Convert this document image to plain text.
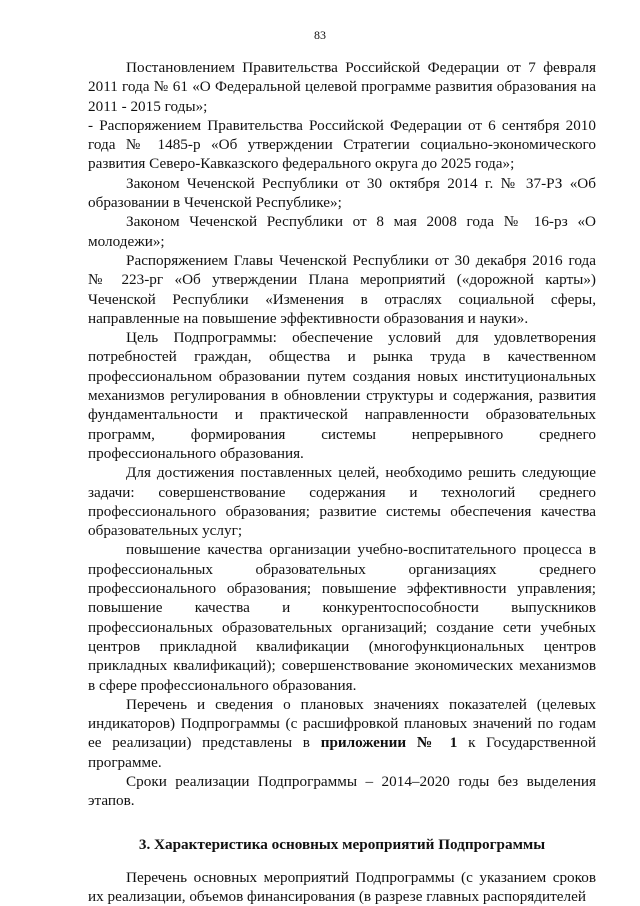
83

Постановлением Правительства Российской Федерации от 7 февраля 2011 года № 61 «О Федеральной целевой программе развития образования на 2011 - 2015 годы»;

- Распоряжением Правительства Российской Федерации от 6 сентября 2010 года № 1485-р «Об утверждении Стратегии социально-экономического развития Северо-Кавказского федерального округа до 2025 года»;

Законом Чеченской Республики от 30 октября 2014 г. № 37-РЗ «Об образовании в Чеченской Республике»;

Законом Чеченской Республики от 8 мая 2008 года № 16-рз «О молодежи»;

Распоряжением Главы Чеченской Республики от 30 декабря 2016 года № 223-рг «Об утверждении Плана мероприятий («дорожной карты») Чеченской Республики «Изменения в отраслях социальной сферы, направленные на повышение эффективности образования и науки».

Цель Подпрограммы: обеспечение условий для удовлетворения потребностей граждан, общества и рынка труда в качественном профессиональном образовании путем создания новых институциональных механизмов регулирования в обновлении структуры и содержания, развития фундаментальности и практической направленности образовательных программ, формирования системы непрерывного среднего профессионального образования.

Для достижения поставленных целей, необходимо решить следующие задачи: совершенствование содержания и технологий среднего профессионального образования; развитие системы обеспечения качества образовательных услуг;

повышение качества организации учебно-воспитательного процесса в профессиональных образовательных организациях среднего профессионального образования; повышение эффективности управления; повышение качества и конкурентоспособности выпускников профессиональных образовательных организаций; создание сети учебных центров прикладной квалификации (многофункциональных центров прикладных квалификаций); совершенствование экономических механизмов в сфере профессионального образования.

Перечень и сведения о плановых значениях показателей (целевых индикаторов) Подпрограммы (с расшифровкой плановых значений по годам ее реализации) представлены в приложении № 1 к Государственной программе.

Сроки реализации Подпрограммы – 2014–2020 годы без выделения этапов.

3. Характеристика основных мероприятий Подпрограммы

Перечень основных мероприятий Подпрограммы (с указанием сроков их реализации, объемов финансирования (в разрезе главных распорядителей
